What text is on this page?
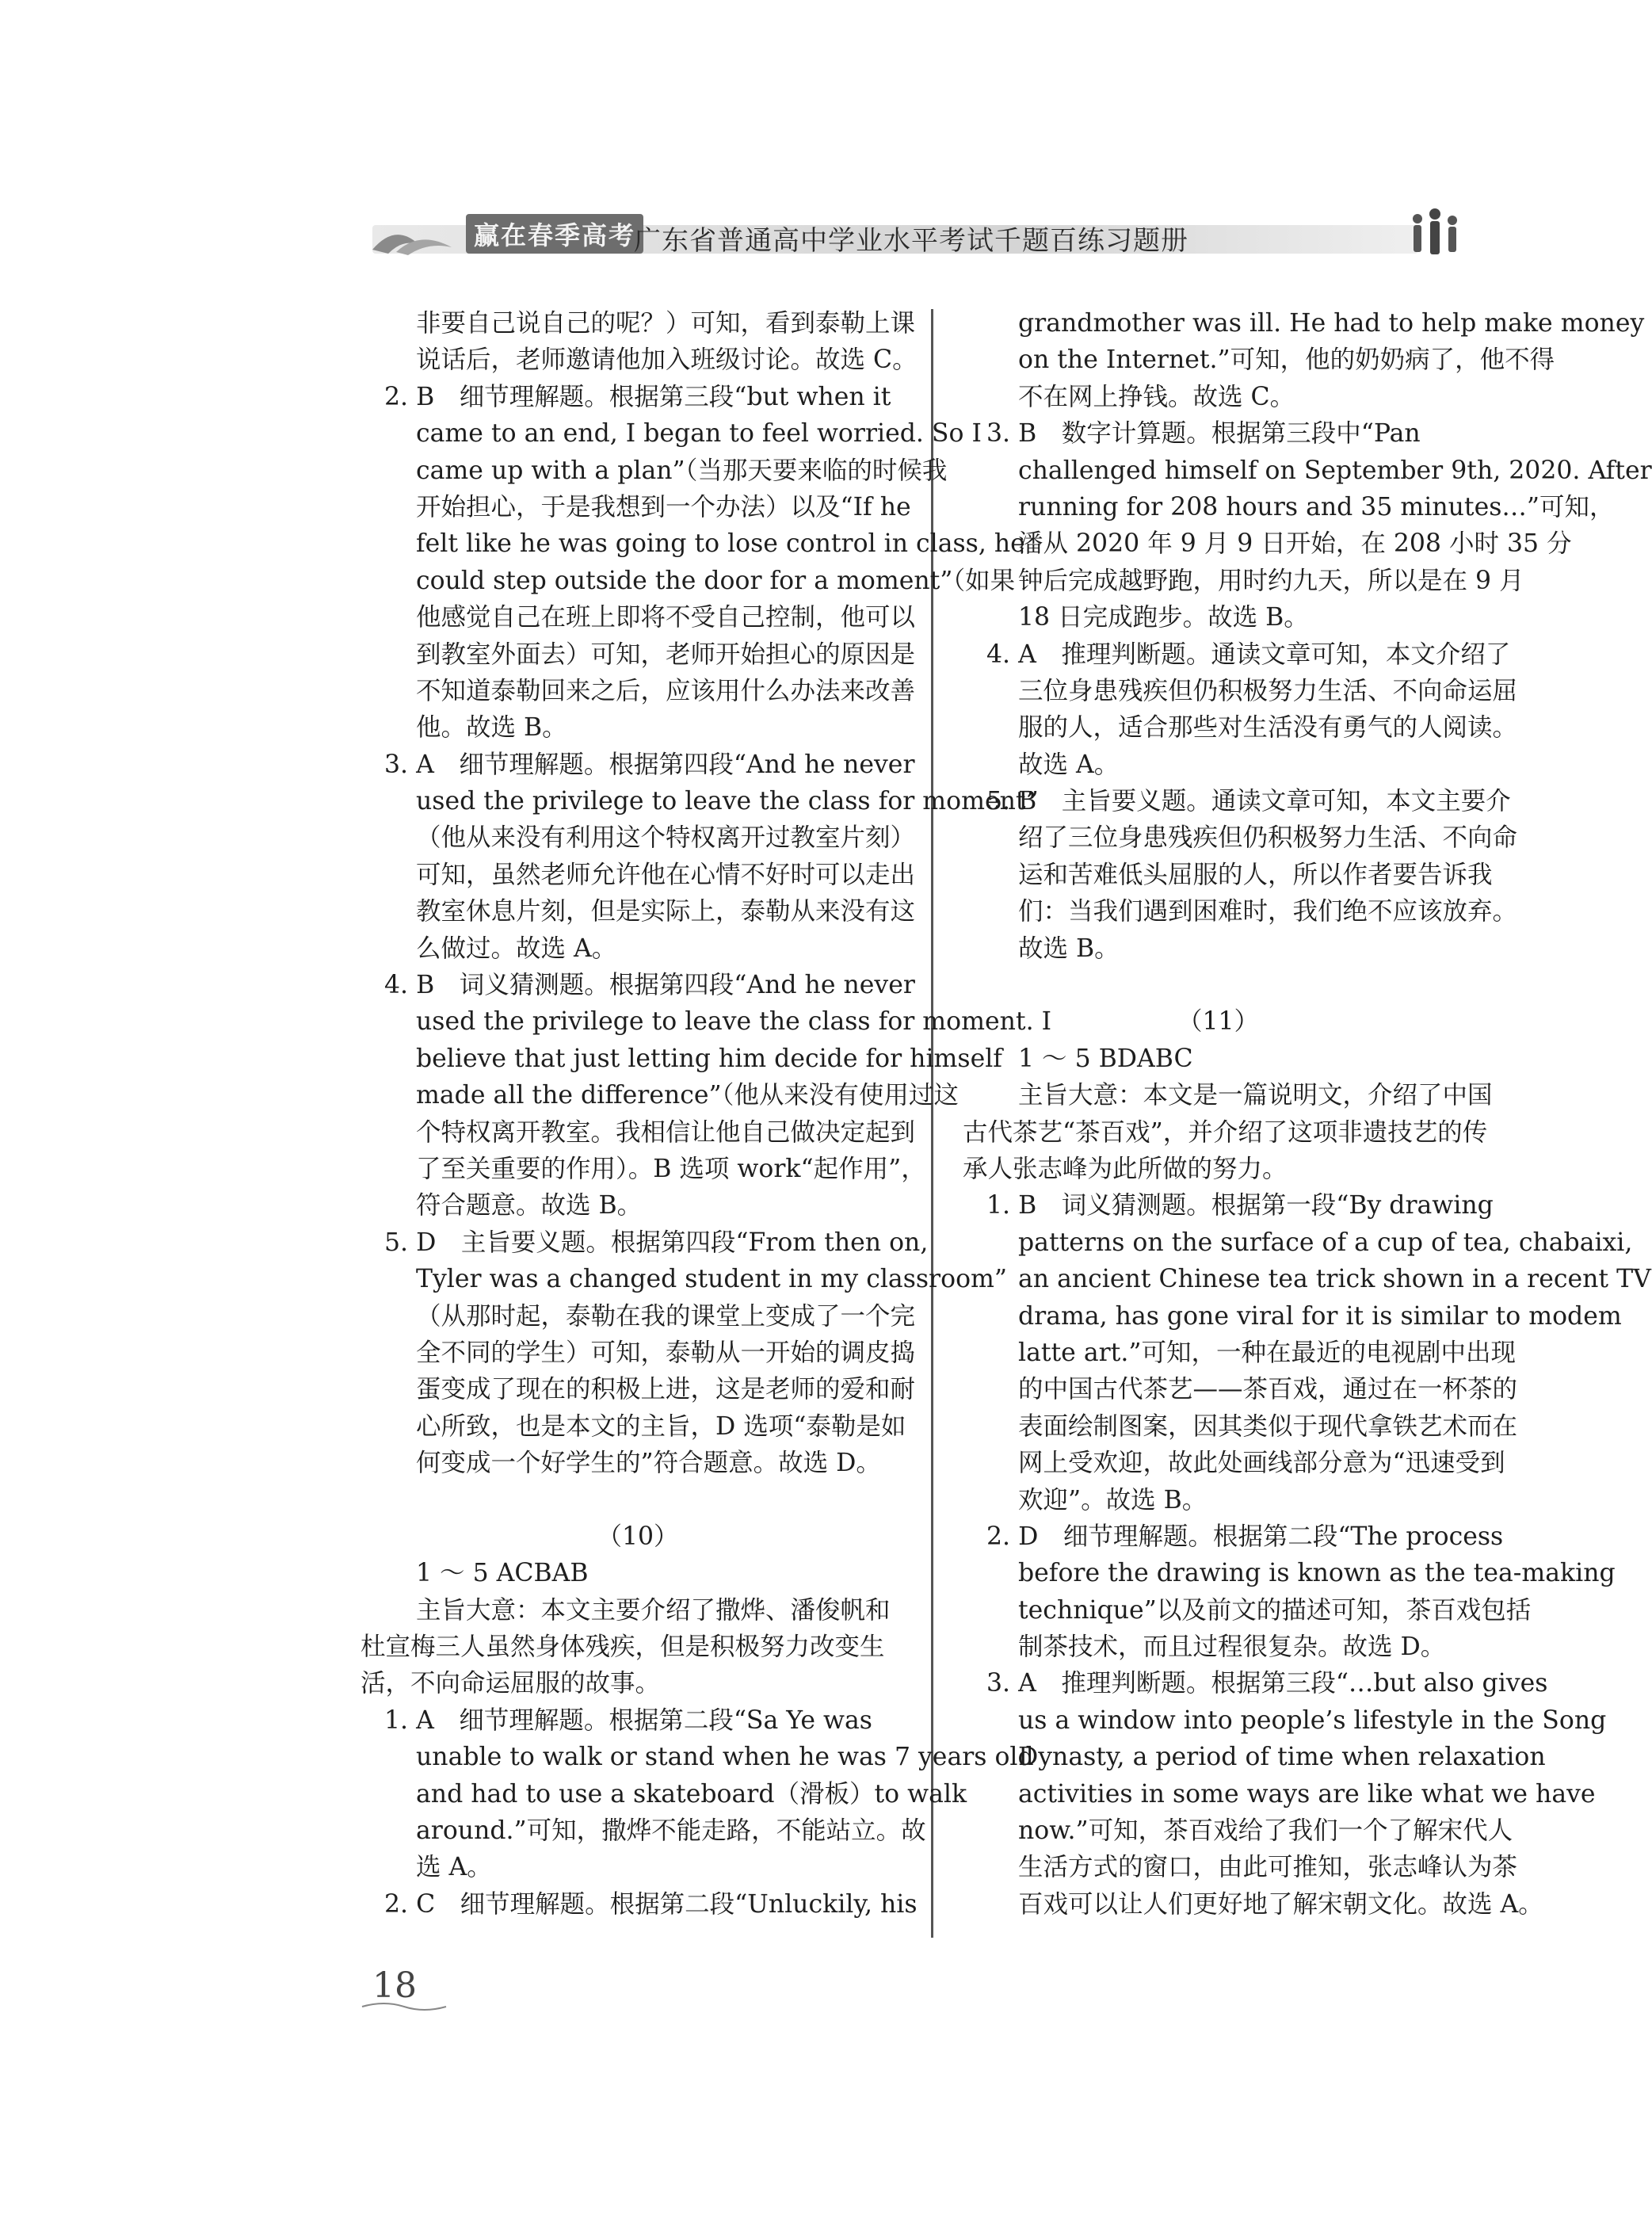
赢在春季高考
广东省普通高中学业水平考试千题百练习题册
非要自己说自己的呢？）可知，看到泰勒上课
说话后，老师邀请他加入班级讨论。故选 C。
2. B　细节理解题。根据第三段“but when it
came to an end, I began to feel worried. So I
came up with a plan”（当那天要来临的时候我
开始担心，于是我想到一个办法）以及“If he
felt like he was going to lose control in class, he
could step outside the door for a moment”（如果
他感觉自己在班上即将不受自己控制，他可以
到教室外面去）可知，老师开始担心的原因是
不知道泰勒回来之后，应该用什么办法来改善
他。故选 B。
3. A　细节理解题。根据第四段“And he never
used the privilege to leave the class for moment”
（他从来没有利用这个特权离开过教室片刻）
可知，虽然老师允许他在心情不好时可以走出
教室休息片刻，但是实际上，泰勒从来没有这
么做过。故选 A。
4. B　词义猜测题。根据第四段“And he never
used the privilege to leave the class for moment. I
believe that just letting him decide for himself
made all the difference”（他从来没有使用过这
个特权离开教室。我相信让他自己做决定起到
了至关重要的作用）。B 选项 work“起作用”，
符合题意。故选 B。
5. D　主旨要义题。根据第四段“From then on,
Tyler was a changed student in my classroom”
（从那时起，泰勒在我的课堂上变成了一个完
全不同的学生）可知，泰勒从一开始的调皮捣
蛋变成了现在的积极上进，这是老师的爱和耐
心所致，也是本文的主旨，D 选项“泰勒是如
何变成一个好学生的”符合题意。故选 D。
（10）
1 ～ 5 ACBAB
主旨大意：本文主要介绍了撒烨、潘俊帆和
杜宣梅三人虽然身体残疾，但是积极努力改变生
活，不向命运屈服的故事。
1. A　细节理解题。根据第二段“Sa Ye was
unable to walk or stand when he was 7 years old
and had to use a skateboard（滑板）to walk
around.”可知，撒烨不能走路，不能站立。故
选 A。
2. C　细节理解题。根据第二段“Unluckily, his
grandmother was ill. He had to help make money
on the Internet.”可知，他的奶奶病了，他不得
不在网上挣钱。故选 C。
3. B　数字计算题。根据第三段中“Pan
challenged himself on September 9th, 2020. After
running for 208 hours and 35 minutes…”可知，
潘从 2020 年 9 月 9 日开始，在 208 小时 35 分
钟后完成越野跑，用时约九天，所以是在 9 月
18 日完成跑步。故选 B。
4. A　推理判断题。通读文章可知，本文介绍了
三位身患残疾但仍积极努力生活、不向命运屈
服的人，适合那些对生活没有勇气的人阅读。
故选 A。
5. B　主旨要义题。通读文章可知，本文主要介
绍了三位身患残疾但仍积极努力生活、不向命
运和苦难低头屈服的人，所以作者要告诉我
们：当我们遇到困难时，我们绝不应该放弃。
故选 B。
（11）
1 ～ 5 BDABC
主旨大意：本文是一篇说明文，介绍了中国
古代茶艺“茶百戏”，并介绍了这项非遗技艺的传
承人张志峰为此所做的努力。
1. B　词义猜测题。根据第一段“By drawing
patterns on the surface of a cup of tea, chabaixi,
an ancient Chinese tea trick shown in a recent TV
drama, has gone viral for it is similar to modem
latte art.”可知，一种在最近的电视剧中出现
的中国古代茶艺——茶百戏，通过在一杯茶的
表面绘制图案，因其类似于现代拿铁艺术而在
网上受欢迎，故此处画线部分意为“迅速受到
欢迎”。故选 B。
2. D　细节理解题。根据第二段“The process
before the drawing is known as the tea-making
technique”以及前文的描述可知，茶百戏包括
制茶技术，而且过程很复杂。故选 D。
3. A　推理判断题。根据第三段“…but also gives
us a window into people’s lifestyle in the Song
Dynasty, a period of time when relaxation
activities in some ways are like what we have
now.”可知，茶百戏给了我们一个了解宋代人
生活方式的窗口，由此可推知，张志峰认为茶
百戏可以让人们更好地了解宋朝文化。故选 A。
18
